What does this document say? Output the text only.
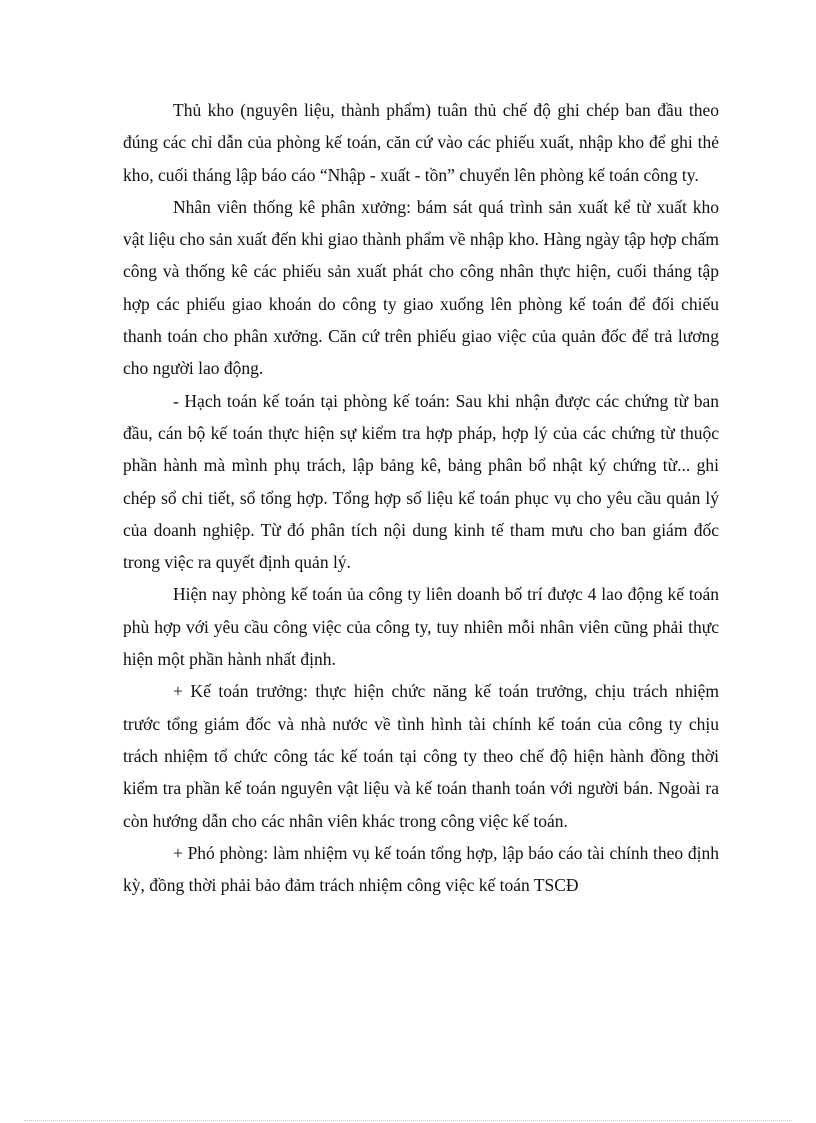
Thủ kho (nguyên liệu, thành phẩm) tuân thủ chế độ ghi chép ban đầu theo đúng các chỉ dẫn của phòng kế toán, căn cứ vào các phiếu xuất, nhập kho để ghi thẻ kho, cuối tháng lập báo cáo “Nhập - xuất - tồn” chuyển lên phòng kế toán công ty.

Nhân viên thống kê phân xưởng: bám sát quá trình sản xuất kể từ xuất kho vật liệu cho sản xuất đến khi giao thành phẩm về nhập kho. Hàng ngày tập hợp chấm công và thống kê các phiếu sản xuất phát cho công nhân thực hiện, cuối tháng tập hợp các phiếu giao khoán do công ty giao xuống lên phòng kế toán để đối chiếu thanh toán cho phân xưởng. Căn cứ trên phiếu giao việc của quản đốc để trả lương cho người lao động.

- Hạch toán kế toán tại phòng kế toán: Sau khi nhận được các chứng từ ban đầu, cán bộ kế toán thực hiện sự kiểm tra hợp pháp, hợp lý của các chứng từ thuộc phần hành mà mình phụ trách, lập bảng kê, bảng phân bổ nhật ký chứng từ... ghi chép sổ chi tiết, sổ tổng hợp. Tổng hợp số liệu kế toán phục vụ cho yêu cầu quản lý của doanh nghiệp. Từ đó phân tích nội dung kinh tế tham mưu cho ban giám đốc trong việc ra quyết định quản lý.

Hiện nay phòng kế toán ủa công ty liên doanh bố trí được 4 lao động kế toán phù hợp với yêu cầu công việc của công ty, tuy nhiên mỗi nhân viên cũng phải thực hiện một phần hành nhất định.

+ Kế toán trưởng: thực hiện chức năng kế toán trưởng, chịu trách nhiệm trước tổng giám đốc và nhà nước về tình hình tài chính kế toán của công ty chịu trách nhiệm tổ chức công tác kế toán tại công ty theo chế độ hiện hành đồng thời kiểm tra phần kế toán nguyên vật liệu và kế toán thanh toán với người bán. Ngoài ra còn hướng dẫn cho các nhân viên khác trong công việc kế toán.

+ Phó phòng: làm nhiệm vụ kế toán tổng hợp, lập báo cáo tài chính theo định kỳ, đồng thời phải bảo đảm trách nhiệm công việc kế toán TSCĐ
